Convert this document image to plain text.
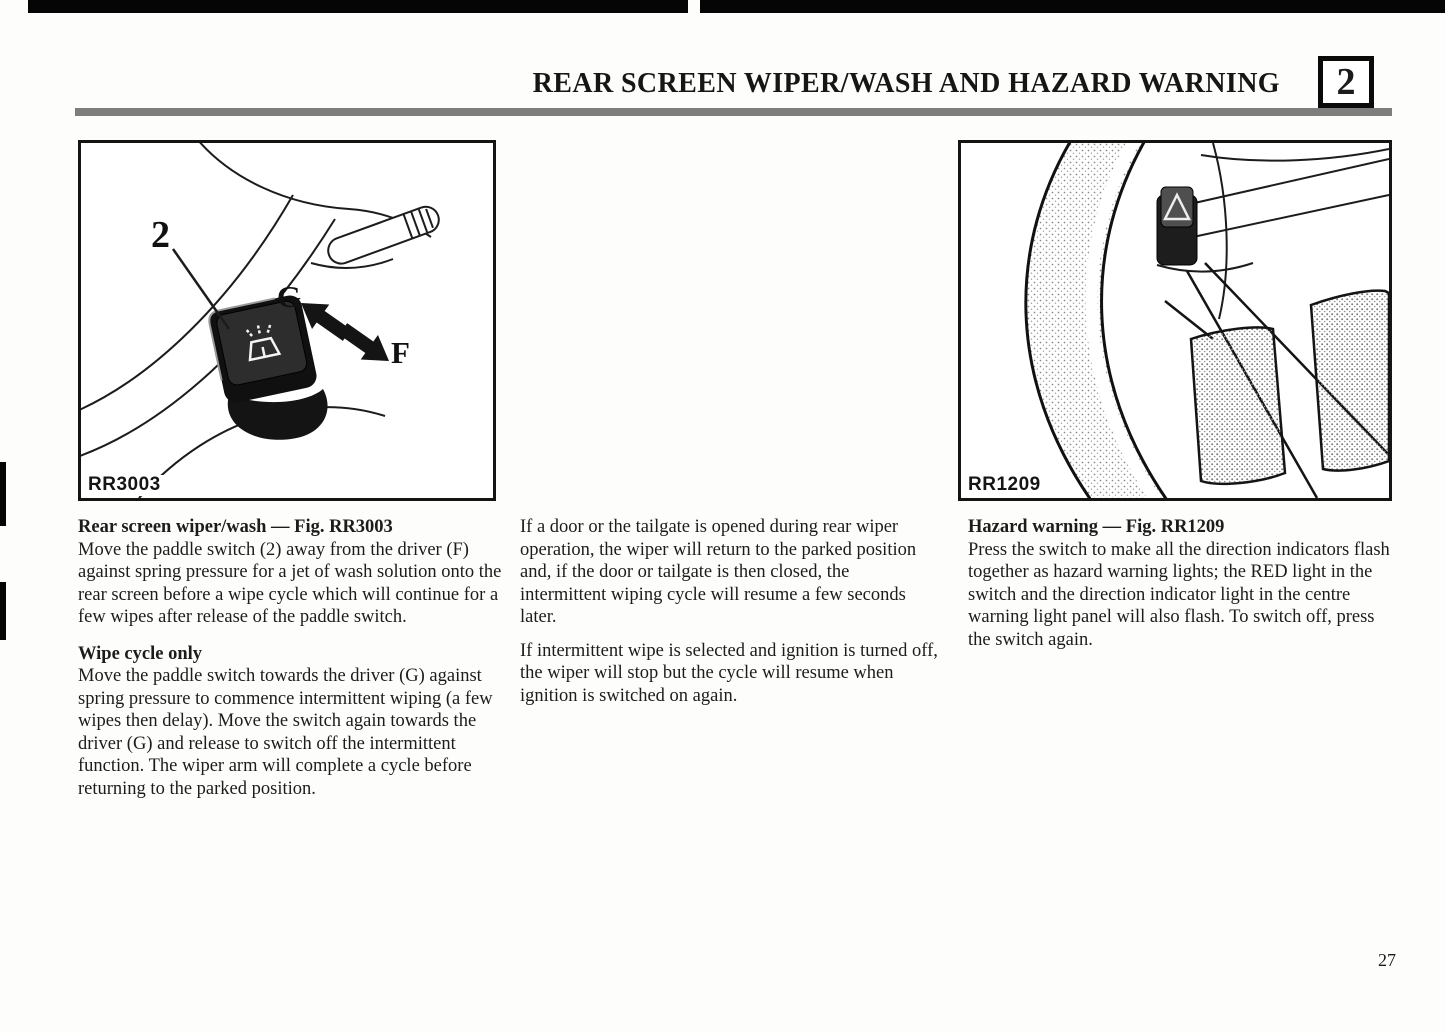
REAR SCREEN WIPER/WASH AND HAZARD WARNING 2
2
G
F
RR3003	RR1209
Rear screen wiper/wash — Fig. RR3003

Move the paddle switch (2) away from the driver (F) against spring pressure for a jet of wash solution onto the rear screen before a wipe cycle which will continue for a few wipes after release of the paddle switch.

Wipe cycle only

Move the paddle switch towards the driver (G) against spring pressure to commence intermittent wiping (a few wipes then delay). Move the switch again towards the driver (G) and release to switch off the intermittent function. The wiper arm will complete a cycle before returning to the parked position.

If a door or the tailgate is opened during rear wiper operation, the wiper will return to the parked position and, if the door or tailgate is then closed, the intermittent wiping cycle will resume a few seconds later.

If intermittent wipe is selected and ignition is turned off, the wiper will stop but the cycle will resume when ignition is switched on again.

Hazard warning — Fig. RR1209

Press the switch to make all the direction indicators flash together as hazard warning lights; the RED light in the switch and the direction indicator light in the centre warning light panel will also flash. To switch off, press the switch again.

27
